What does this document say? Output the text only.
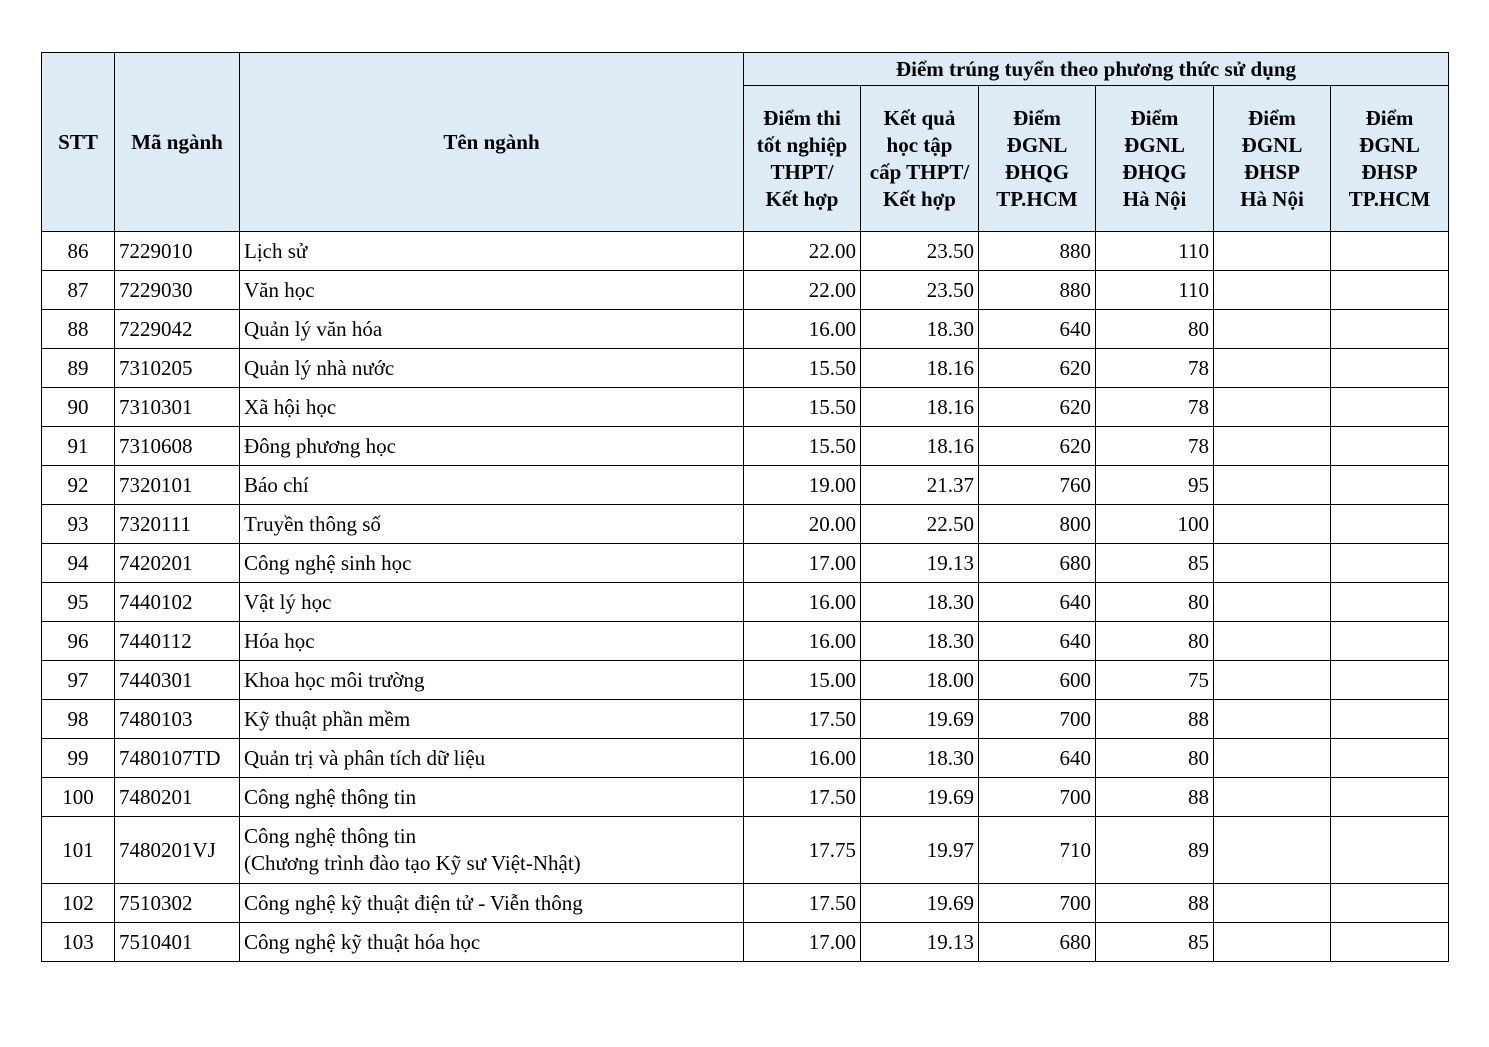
STT	Mã ngành	Tên ngành	Điểm trúng tuyển theo phương thức sử dụng					
			Điểm thi
tốt nghiệp
THPT/
Kết hợp	Kết quả
học tập
cấp THPT/
Kết hợp	Điểm
ĐGNL
ĐHQG
TP.HCM	Điểm
ĐGNL
ĐHQG
Hà Nội	Điểm
ĐGNL
ĐHSP
Hà Nội	Điểm
ĐGNL
ĐHSP
TP.HCM
86	7229010	Lịch sử	22.00	23.50	880	110		
87	7229030	Văn học	22.00	23.50	880	110		
88	7229042	Quản lý văn hóa	16.00	18.30	640	80		
89	7310205	Quản lý nhà nước	15.50	18.16	620	78		
90	7310301	Xã hội học	15.50	18.16	620	78		
91	7310608	Đông phương học	15.50	18.16	620	78		
92	7320101	Báo chí	19.00	21.37	760	95		
93	7320111	Truyền thông số	20.00	22.50	800	100		
94	7420201	Công nghệ sinh học	17.00	19.13	680	85		
95	7440102	Vật lý học	16.00	18.30	640	80		
96	7440112	Hóa học	16.00	18.30	640	80		
97	7440301	Khoa học môi trường	15.00	18.00	600	75		
98	7480103	Kỹ thuật phần mềm	17.50	19.69	700	88		
99	7480107TD	Quản trị và phân tích dữ liệu	16.00	18.30	640	80		
100	7480201	Công nghệ thông tin	17.50	19.69	700	88		
101	7480201VJ	Công nghệ thông tin
(Chương trình đào tạo Kỹ sư Việt-Nhật)	17.75	19.97	710	89		
102	7510302	Công nghệ kỹ thuật điện tử - Viễn thông	17.50	19.69	700	88		
103	7510401	Công nghệ kỹ thuật hóa học	17.00	19.13	680	85		
